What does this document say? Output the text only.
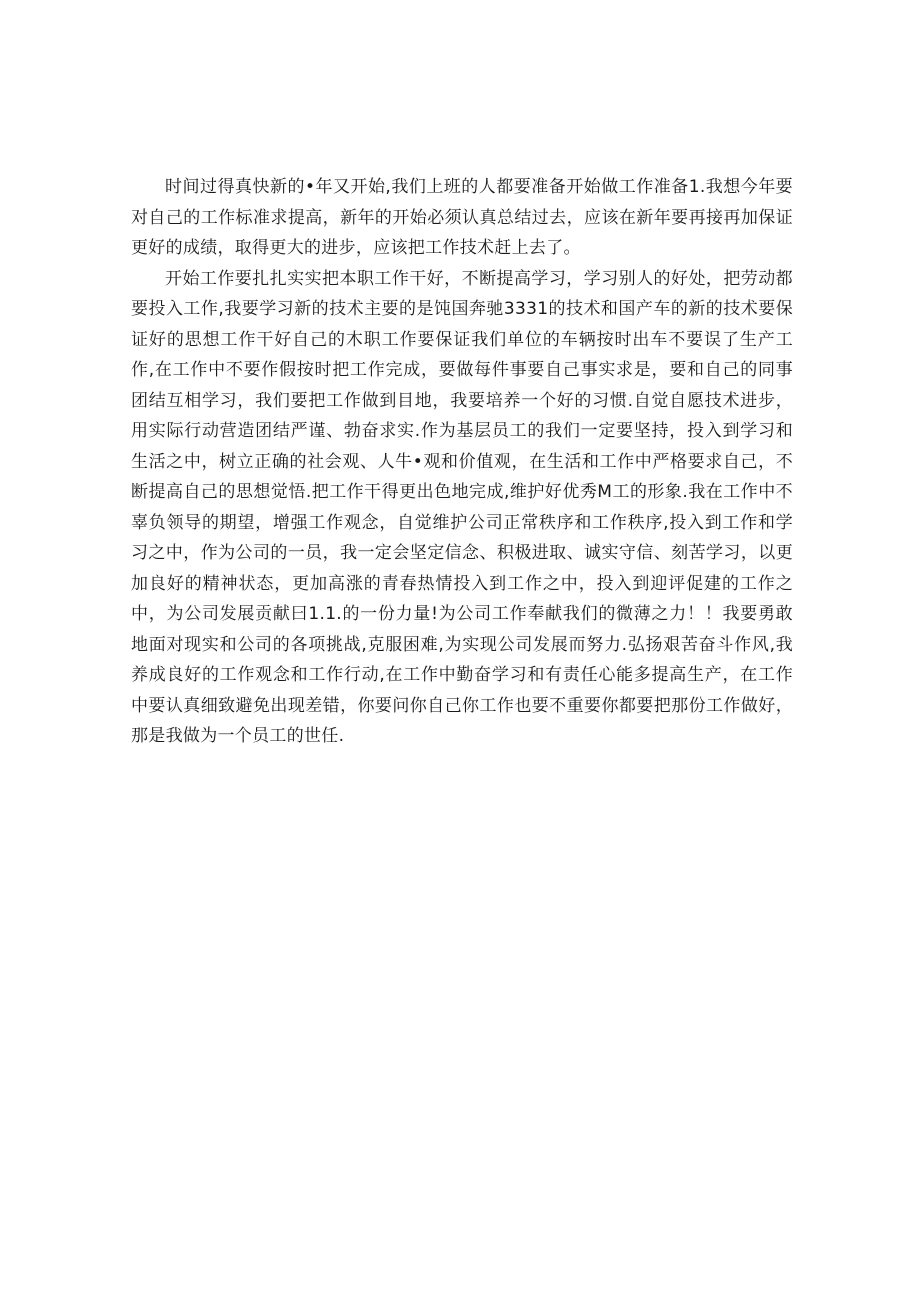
时间过得真快新的•年又开始,我们上班的人都要准备开始做工作准备1.我想今年要对自己的工作标准求提高，新年的开始必须认真总结过去，应该在新年要再接再加保证更好的成绩，取得更大的进步，应该把工作技术赶上去了。

开始工作要扎扎实实把本职工作干好，不断提高学习，学习别人的好处，把劳动都要投入工作,我要学习新的技术主要的是饨国奔驰3331的技术和国产车的新的技术要保证好的思想工作干好自己的木职工作要保证我们单位的车辆按时出车不要误了生产工作,在工作中不要作假按时把工作完成，要做每件事要自己事实求是，要和自己的同事团结互相学习，我们要把工作做到目地，我要培养一个好的习惯.自觉自愿技术进步，用实际行动营造团结严谨、勃奋求实.作为基层员工的我们一定要坚持，投入到学习和生活之中，树立正确的社会观、人牛•观和价值观，在生活和工作中严格要求自己，不断提高自己的思想觉悟.把工作干得更出色地完成,维护好优秀M工的形象.我在工作中不辜负领导的期望，增强工作观念，自觉维护公司正常秩序和工作秩序,投入到工作和学习之中，作为公司的一员，我一定会坚定信念、积极进取、诚实守信、刻苦学习，以更加良好的精神状态，更加高涨的青春热情投入到工作之中，投入到迎评促建的工作之中，为公司发展贡献曰1.1.的一份力量!为公司工作奉献我们的微薄之力！！我要勇敢地面对现实和公司的各项挑战,克服困难,为实现公司发展而努力.弘扬艰苦奋斗作风,我养成良好的工作观念和工作行动,在工作中勤奋学习和有责任心能多提高生产，在工作中要认真细致避免出现差错，你要问你自己你工作也要不重要你都要把那份工作做好，那是我做为一个员工的世任.
